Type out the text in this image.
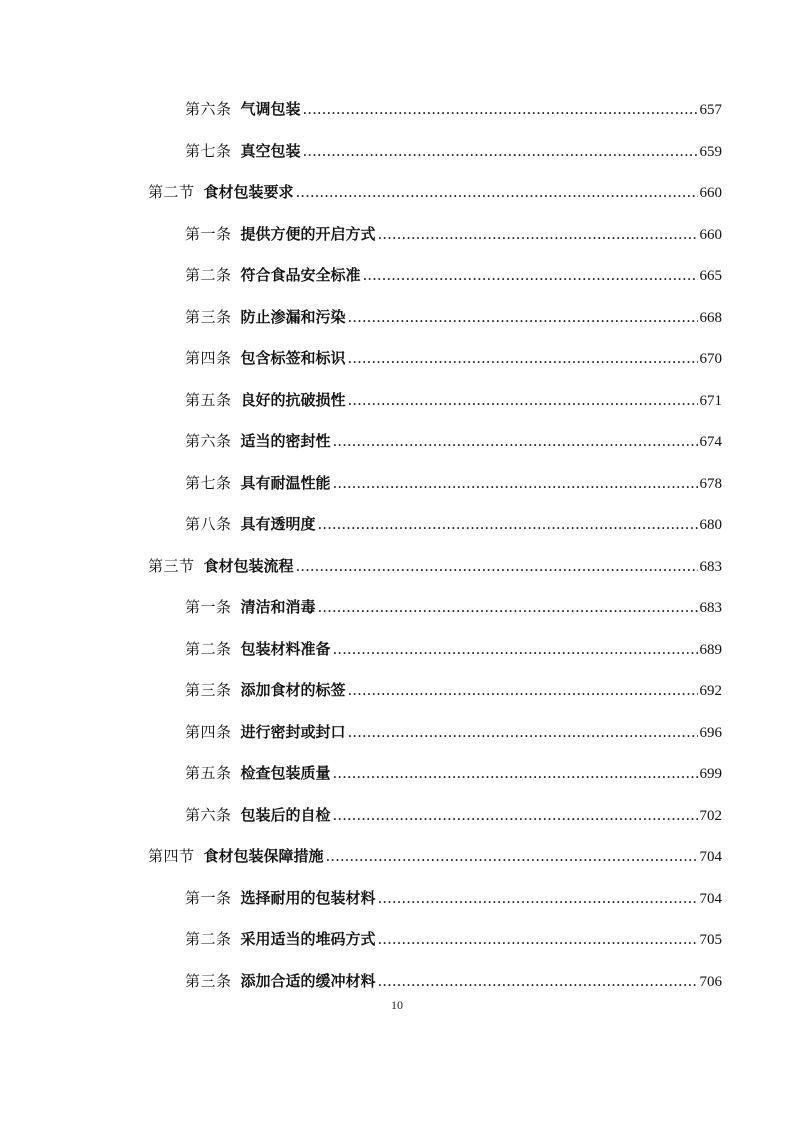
第六条 气调包装 .....	657
第七条 真空包装 .....	659
第二节 食材包装要求 .....	660
第一条 提供方便的开启方式 .....	660
第二条 符合食品安全标准 .....	665
第三条 防止渗漏和污染 .....	668
第四条 包含标签和标识 .....	670
第五条 良好的抗破损性 .....	671
第六条 适当的密封性 .....	674
第七条 具有耐温性能 .....	678
第八条 具有透明度 .....	680
第三节 食材包装流程 .....	683
第一条 清洁和消毒 .....	683
第二条 包装材料准备 .....	689
第三条 添加食材的标签 .....	692
第四条 进行密封或封口 .....	696
第五条 检查包装质量 .....	699
第六条 包装后的自检 .....	702
第四节 食材包装保障措施 .....	704
第一条 选择耐用的包装材料 .....	704
第二条 采用适当的堆码方式 .....	705
第三条 添加合适的缓冲材料 .....	706
10
